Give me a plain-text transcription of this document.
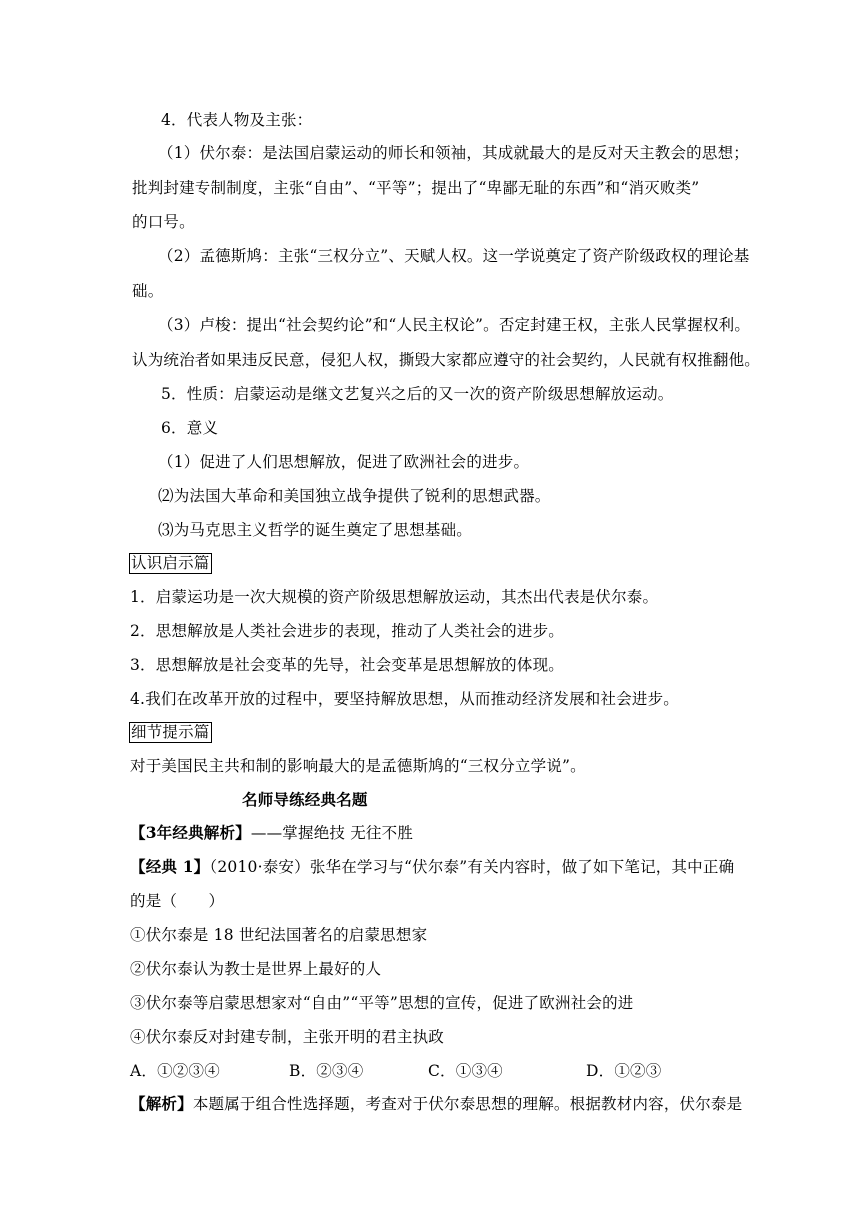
4．代表人物及主张：
（1）伏尔泰：是法国启蒙运动的师长和领袖，其成就最大的是反对天主教会的思想；
批判封建专制制度，主张“自由”、“平等”；提出了“卑鄙无耻的东西”和“消灭败类”
的口号。
（2）孟德斯鸠：主张“三权分立”、天赋人权。这一学说奠定了资产阶级政权的理论基
础。
（3）卢梭：提出“社会契约论”和“人民主权论”。否定封建王权，主张人民掌握权利。
认为统治者如果违反民意，侵犯人权，撕毁大家都应遵守的社会契约，人民就有权推翻他。
5．性质：启蒙运动是继文艺复兴之后的又一次的资产阶级思想解放运动。
6．意义
（1）促进了人们思想解放，促进了欧洲社会的进步。
⑵为法国大革命和美国独立战争提供了锐利的思想武器。
⑶为马克思主义哲学的诞生奠定了思想基础。
认识启示篇
1．启蒙运功是一次大规模的资产阶级思想解放运动，其杰出代表是伏尔泰。
2．思想解放是人类社会进步的表现，推动了人类社会的进步。
3．思想解放是社会变革的先导，社会变革是思想解放的体现。
4.我们在改革开放的过程中，要坚持解放思想，从而推动经济发展和社会进步。
细节提示篇
对于美国民主共和制的影响最大的是孟德斯鸠的“三权分立学说”。
名师导练经典名题
【3年经典解析】——掌握绝技 无往不胜
【经典 1】（2010·泰安）张华在学习与“伏尔泰”有关内容时，做了如下笔记，其中正确
的是（　　）
①伏尔泰是 18 世纪法国著名的启蒙思想家
②伏尔泰认为教士是世界上最好的人
③伏尔泰等启蒙思想家对“自由”“平等”思想的宣传，促进了欧洲社会的进
④伏尔泰反对封建专制，主张开明的君主执政
A．①②③④	B．②③④	C．①③④	D．①②③
【解析】本题属于组合性选择题，考查对于伏尔泰思想的理解。根据教材内容，伏尔泰是
